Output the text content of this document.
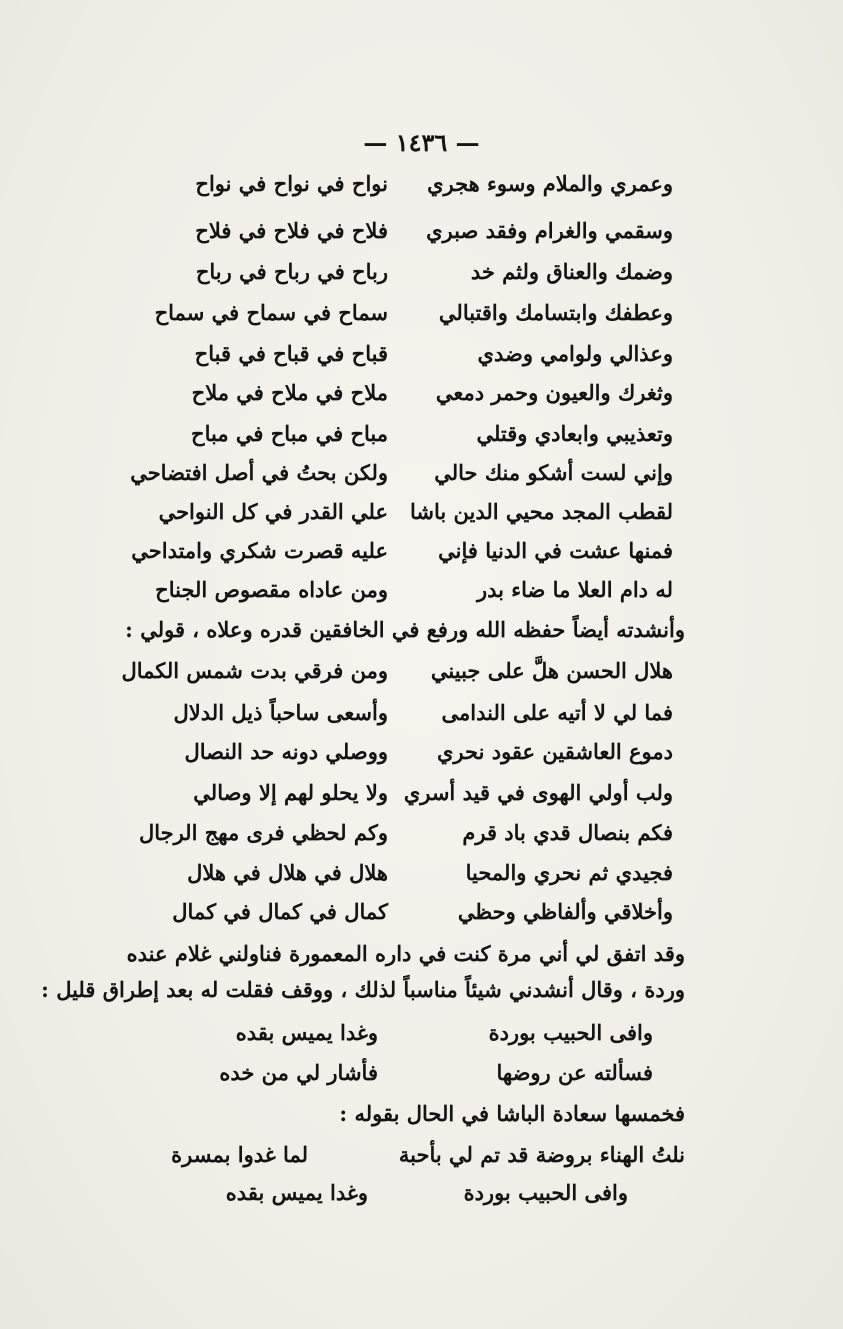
— ١٤٣٦ —
وعمري والملام وسوء هجري
نواح في نواح في نواح
وسقمي والغرام وفقد صبري
فلاح في فلاح في فلاح
وضمك والعناق ولثم خد
رباح في رباح في رباح
وعطفك وابتسامك واقتبالي
سماح في سماح في سماح
وعذالي ولوامي وضدي
قباح في قباح في قباح
وثغرك والعيون وحمر دمعي
ملاح في ملاح في ملاح
وتعذيبي وابعادي وقتلي
مباح في مباح في مباح
وإني لست أشكو منك حالي
ولكن بحتُ في أصل افتضاحي
لقطب المجد محيي الدين باشا
علي القدر في كل النواحي
فمنها عشت في الدنيا فإني
عليه قصرت شكري وامتداحي
له دام العلا ما ضاء بدر
ومن عاداه مقصوص الجناح
وأنشدته أيضاً حفظه الله ورفع في الخافقين قدره وعلاه ، قولي :
هلال الحسن هلَّ على جبيني
ومن فرقي بدت شمس الكمال
فما لي لا أتيه على الندامى
وأسعى ساحباً ذيل الدلال
دموع العاشقين عقود نحري
ووصلي دونه حد النصال
ولب أولي الهوى في قيد أسري
ولا يحلو لهم إلا وصالي
فكم بنصال قدي باد قرم
وكم لحظي فرى مهج الرجال
فجيدي ثم نحري والمحيا
هلال في هلال في هلال
وأخلاقي وألفاظي وحظي
كمال في كمال في كمال
وقد اتفق لي أني مرة كنت في داره المعمورة فناولني غلام عنده
وردة ، وقال أنشدني شيئاً مناسباً لذلك ، ووقف فقلت له بعد إطراق قليل :
وافى الحبيب بوردة
وغدا يميس بقده
فسألته عن روضها
فأشار لي من خده
فخمسها سعادة الباشا في الحال بقوله :
نلتُ الهناء بروضة قد تم لي بأحبة
لما غدوا بمسرة
وافى الحبيب بوردة
وغدا يميس بقده
